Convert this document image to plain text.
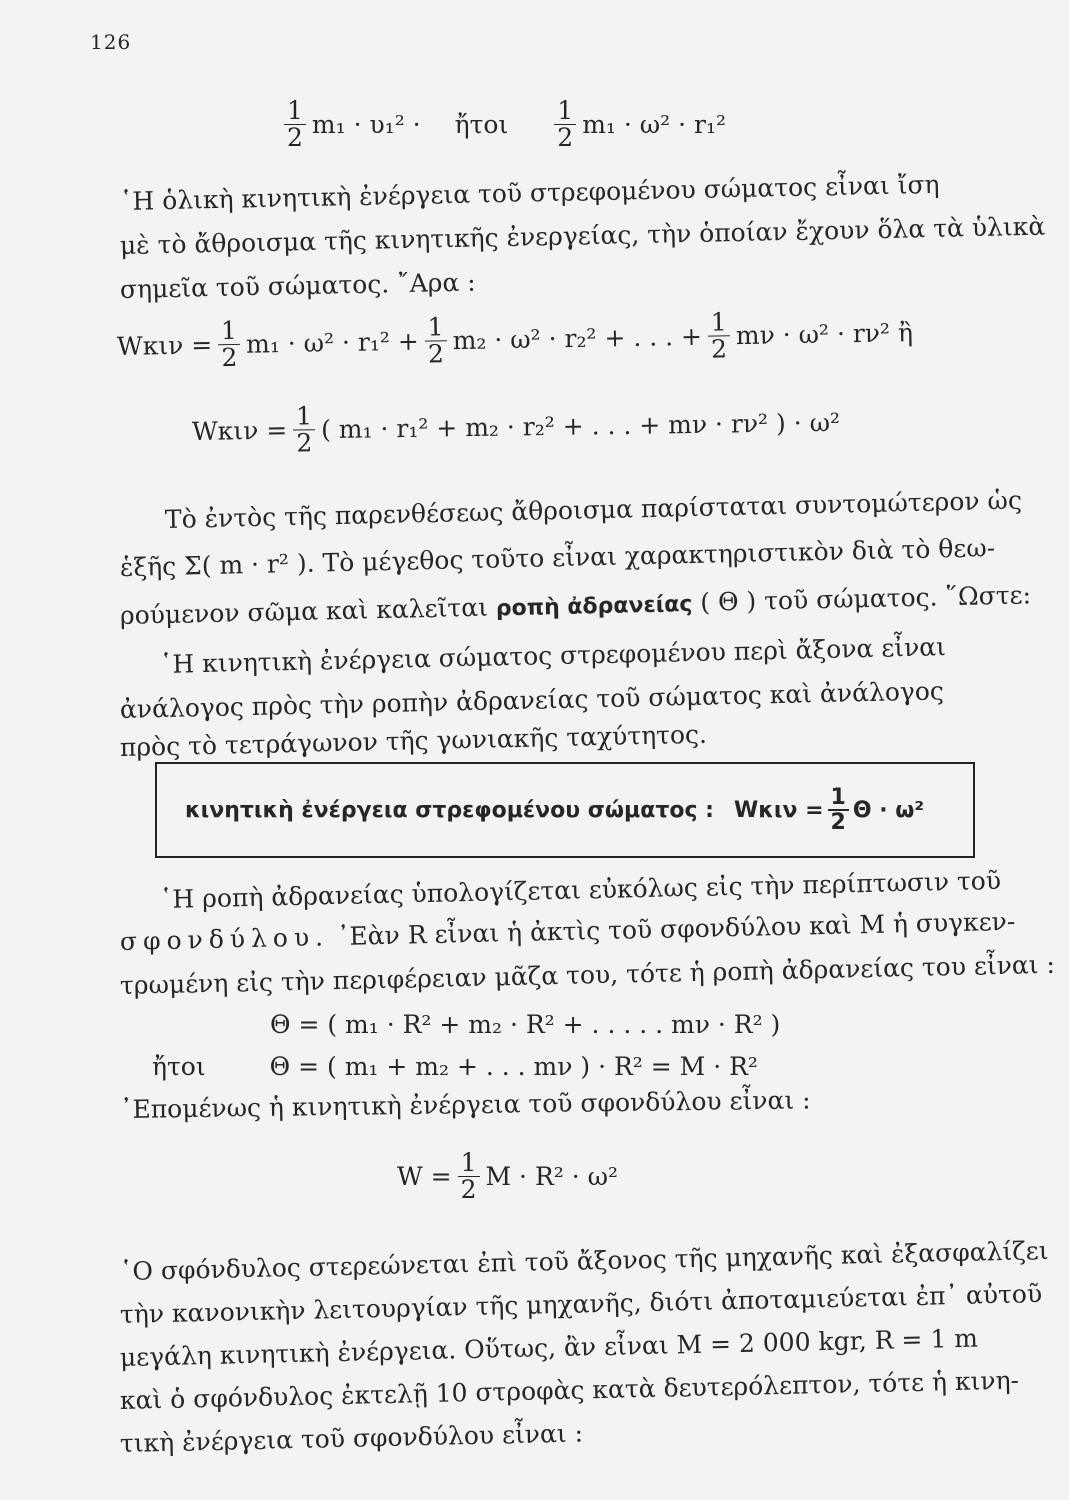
126
$\frac{1}{2} m_1 \cdot \upsilon_1^2$ · ἤτοι $\frac{1}{2} m_1 \cdot \omega^2 \cdot r_1^2$
῾Η ὁλικὴ κινητικὴ ἐνέργεια τοῦ στρεφομένου σώματος εἶναι ἴση
μὲ τὸ ἄθροισμα τῆς κινητικῆς ἐνεργείας, τὴν ὁποίαν ἔχουν ὅλα τὰ ὑλικὰ
σημεῖα τοῦ σώματος. ῎Αρα :
$W\kappa\iota\nu = \frac{1}{2} m_1 \cdot \omega^2 \cdot r_1^2 + \frac{1}{2} m_2 \cdot \omega^2 \cdot r_2^2$ + . . . + $\frac{1}{2}$ mν · ω² · rν² ἢ
$W\kappa\iota\nu = \frac{1}{2}$ ( m₁ · r₁² + m₂ · r₂² + . . . + mν · rν² ) · ω²
Τὸ ἐντὸς τῆς παρενθέσεως ἄθροισμα παρίσταται συντομώτερον ὡς
ἑξῆς Σ( m · r² ). Τὸ μέγεθος τοῦτο εἶναι χαρακτηριστικὸν διὰ τὸ θεω-
ρούμενον σῶμα καὶ καλεῖται ροπὴ ἀδρανείας ( Θ ) τοῦ σώματος. ῞Ωστε:
῾Η κινητικὴ ἐνέργεια σώματος στρεφομένου περὶ ἄξονα εἶναι
ἀνάλογος πρὸς τὴν ροπὴν ἀδρανείας τοῦ σώματος καὶ ἀνάλογος
πρὸς τὸ τετράγωνον τῆς γωνιακῆς ταχύτητος.
κινητικὴ ἐνέργεια στρεφομένου σώματος : $W\kappa\iota\nu = \frac{1}{2}$ Θ · ω²
῾Η ροπὴ ἀδρανείας ὑπολογίζεται εὐκόλως εἰς τὴν περίπτωσιν τοῦ
σφονδύλου. ᾿Εὰν R εἶναι ἡ ἀκτὶς τοῦ σφονδύλου καὶ M ἡ συγκεν-
τρωμένη εἰς τὴν περιφέρειαν μᾶζα του, τότε ἡ ροπὴ ἀδρανείας του εἶναι :
Θ = ( m₁ · R² + m₂ · R² + . . . . . mν · R² )
ἤτοι	Θ = ( m₁ + m₂ + . . . mν ) · R² = M · R²
᾿Επομένως ἡ κινητικὴ ἐνέργεια τοῦ σφονδύλου εἶναι :
$W = \frac{1}{2}$ M · R² · ω²
῾Ο σφόνδυλος στερεώνεται ἐπὶ τοῦ ἄξονος τῆς μηχανῆς καὶ ἐξασφαλίζει
τὴν κανονικὴν λειτουργίαν τῆς μηχανῆς, διότι ἀποταμιεύεται ἐπ᾿ αὐτοῦ
μεγάλη κινητικὴ ἐνέργεια. Οὕτως, ἂν εἶναι M = 2 000 kgr, R = 1 m
καὶ ὁ σφόνδυλος ἐκτελῇ 10 στροφὰς κατὰ δευτερόλεπτον, τότε ἡ κινη-
τικὴ ἐνέργεια τοῦ σφονδύλου εἶναι :
